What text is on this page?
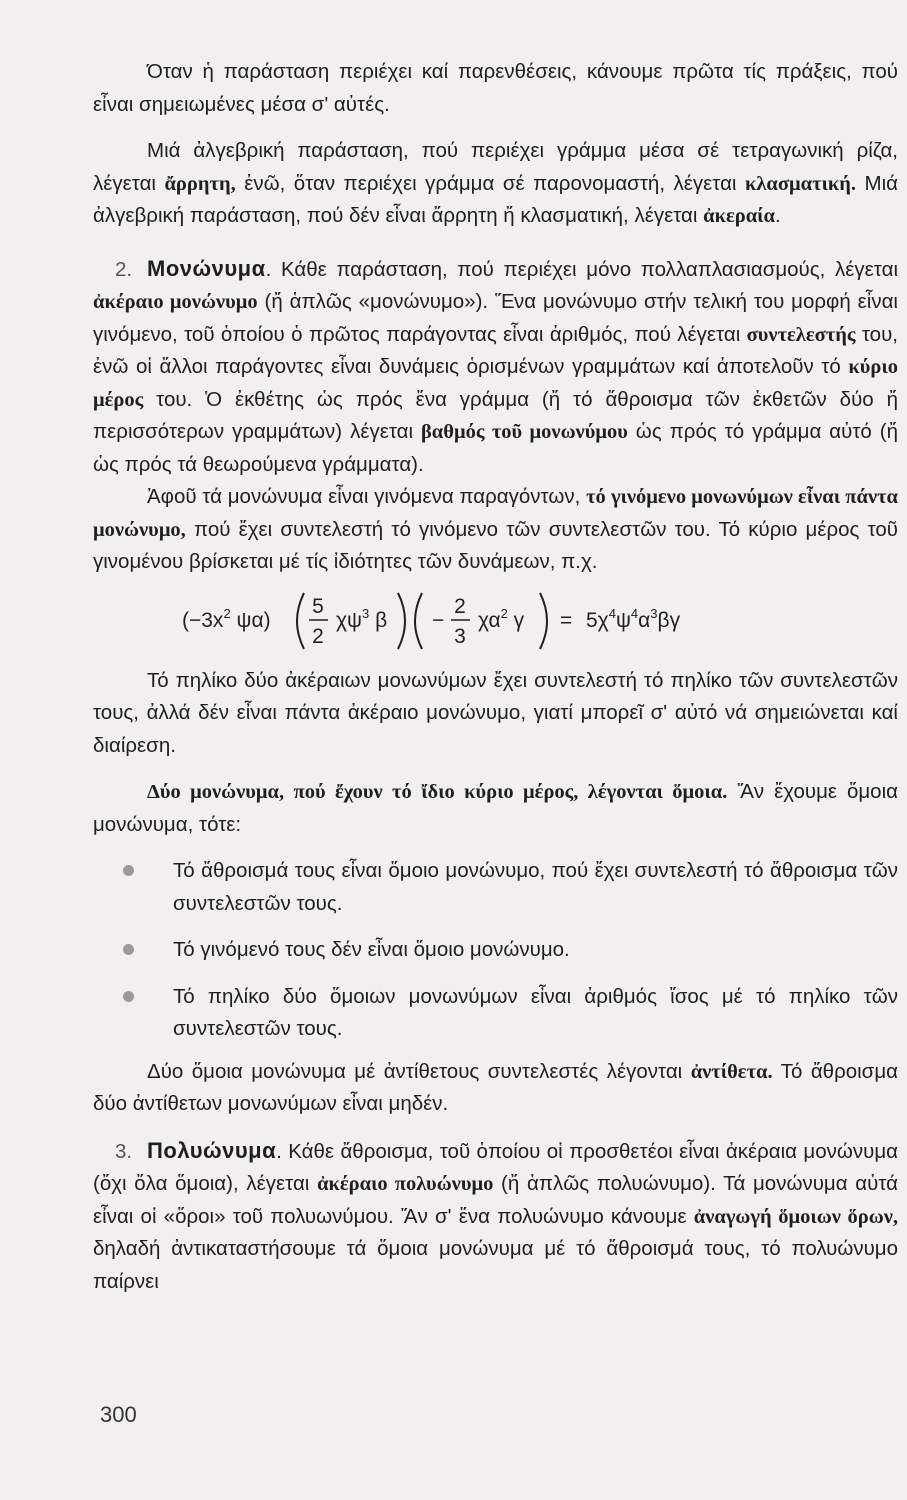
Όταν ἡ παράσταση περιέχει καί παρενθέσεις, κάνουμε πρῶτα τίς πράξεις, πού εἶναι σημειωμένες μέσα σ' αὐτές.

Μιά ἀλγεβρική παράσταση, πού περιέχει γράμμα μέσα σέ τετραγωνική ρίζα, λέγεται ἄρρητη, ἐνῶ, ὅταν περιέχει γράμμα σέ παρονομαστή, λέγεται κλασματική. Μιά ἀλγεβρική παράσταση, πού δέν εἶναι ἄρρητη ἤ κλασματική, λέγεται ἀκεραία.

2. Μονώνυμα. Κάθε παράσταση, πού περιέχει μόνο πολλαπλασιασμούς, λέγεται ἀκέραιο μονώνυμο (ἤ ἁπλῶς «μονώνυμο»). Ἕνα μονώνυμο στήν τελική του μορφή εἶναι γινόμενο, τοῦ ὁποίου ὁ πρῶτος παράγοντας εἶναι ἀριθμός, πού λέγεται συντελεστής του, ἐνῶ οἱ ἄλλοι παράγοντες εἶναι δυνάμεις ὁρισμένων γραμμάτων καί ἀποτελοῦν τό κύριο μέρος του. Ὁ ἐκθέτης ὡς πρός ἕνα γράμμα (ἤ τό ἄθροισμα τῶν ἐκθετῶν δύο ἤ περισσότερων γραμμάτων) λέγεται βαθμός τοῦ μονωνύμου ὡς πρός τό γράμμα αὐτό (ἤ ὡς πρός τά θεωρούμενα γράμματα).

Ἀφοῦ τά μονώνυμα εἶναι γινόμενα παραγόντων, τό γινόμενο μονωνύμων εἶναι πάντα μονώνυμο, πού ἔχει συντελεστή τό γινόμενο τῶν συντελεστῶν του. Τό κύριο μέρος τοῦ γινομένου βρίσκεται μέ τίς ἰδιότητες τῶν δυνάμεων, π.χ.

($-3x^2$ ψα)
5
2
$\chi\psi^3$ β −
2
3
$\chi\alpha^2$ $\gamma = 5\chi^4\psi^4\alpha^3\beta\gamma$

Τό πηλίκο δύο ἀκέραιων μονωνύμων ἔχει συντελεστή τό πηλίκο τῶν συντελεστῶν τους, ἀλλά δέν εἶναι πάντα ἀκέραιο μονώνυμο, γιατί μπορεῖ σ' αὐτό νά σημειώνεται καί διαίρεση.

Δύο μονώνυμα, πού ἔχουν τό ἴδιο κύριο μέρος, λέγονται ὅμοια. Ἄν ἔχουμε ὅμοια μονώνυμα, τότε:

Τό ἄθροισμά τους εἶναι ὅμοιο μονώνυμο, πού ἔχει συντελεστή τό ἄθροισμα τῶν συντελεστῶν τους.

Τό γινόμενό τους δέν εἶναι ὅμοιο μονώνυμο.

Τό πηλίκο δύο ὅμοιων μονωνύμων εἶναι ἀριθμός ἴσος μέ τό πηλίκο τῶν συντελεστῶν τους.

Δύο ὅμοια μονώνυμα μέ ἀντίθετους συντελεστές λέγονται ἀντίθετα. Τό ἄθροισμα δύο ἀντίθετων μονωνύμων εἶναι μηδέν.

3. Πολυώνυμα. Κάθε ἄθροισμα, τοῦ ὁποίου οἱ προσθετέοι εἶναι ἀκέραια μονώνυμα (ὄχι ὅλα ὅμοια), λέγεται ἀκέραιο πολυώνυμο (ἤ ἁπλῶς πολυώνυμο). Τά μονώνυμα αὐτά εἶναι οἱ «ὅροι» τοῦ πολυωνύμου. Ἄν σ' ἕνα πολυώνυμο κάνουμε ἀναγωγή ὅμοιων ὅρων, δηλαδή ἀντικαταστήσουμε τά ὅμοια μονώνυμα μέ τό ἄθροισμά τους, τό πολυώνυμο παίρνει

300
